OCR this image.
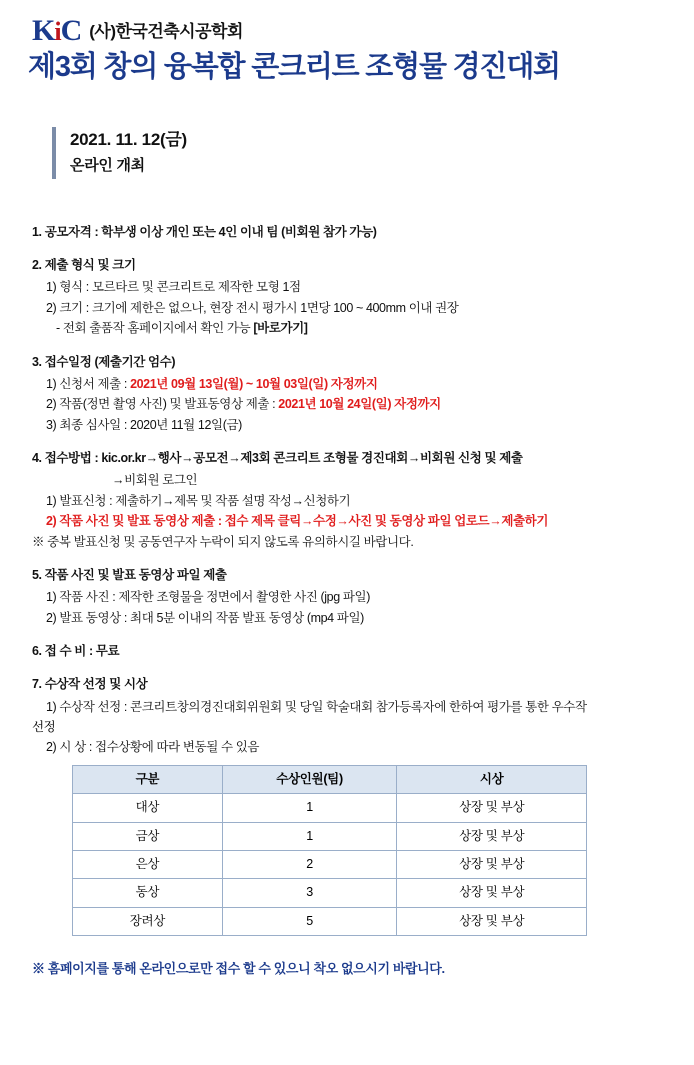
KiC (사)한국건축시공학회
제3회 창의 융복합 콘크리트 조형물 경진대회
2021. 11. 12(금)
온라인 개최
1. 공모자격 : 학부생 이상 개인 또는 4인 이내 팀 (비회원 참가 가능)
2. 제출 형식 및 크기
1) 형식 : 모르타르 및 콘크리트로 제작한 모형 1점
2) 크기 : 크기에 제한은 없으나, 현장 전시 평가시 1면당 100 ~ 400mm 이내 권장
- 전회 출품작 홈페이지에서 확인 가능 [바로가기]
3. 접수일정 (제출기간 엄수)
1) 신청서 제출 : 2021년 09월 13일(월) ~ 10월 03일(일) 자정까지
2) 작품(정면 촬영 사진) 및 발표동영상 제출 : 2021년 10월 24일(일) 자정까지
3) 최종 심사일 : 2020년 11월 12일(금)
4. 접수방법 : kic.or.kr→행사→공모전→제3회 콘크리트 조형물 경진대회→비회원 신청 및 제출
→비회원 로그인
1) 발표신청 : 제출하기→제목 및 작품 설명 작성→신청하기
2) 작품 사진 및 발표 동영상 제출 : 접수 제목 클릭→수정→사진 및 동영상 파일 업로드→제출하기
※ 중복 발표신청 및 공동연구자 누락이 되지 않도록 유의하시길 바랍니다.
5. 작품 사진 및 발표 동영상 파일 제출
1) 작품 사진 : 제작한 조형물을 정면에서 촬영한 사진 (jpg 파일)
2) 발표 동영상 : 최대 5분 이내의 작품 발표 동영상 (mp4 파일)
6. 접 수 비 : 무료
7. 수상작 선정 및 시상
1) 수상작 선정 : 콘크리트창의경진대회위원회 및 당일 학술대회 참가등록자에 한하여 평가를 통한 우수작
선정
2) 시 상 : 접수상황에 따라 변동될 수 있음
구분	수상인원(팀)	시상
대상	1	상장 및 부상
금상	1	상장 및 부상
은상	2	상장 및 부상
동상	3	상장 및 부상
장려상	5	상장 및 부상
※ 홈페이지를 통해 온라인으로만 접수 할 수 있으니 착오 없으시기 바랍니다.
